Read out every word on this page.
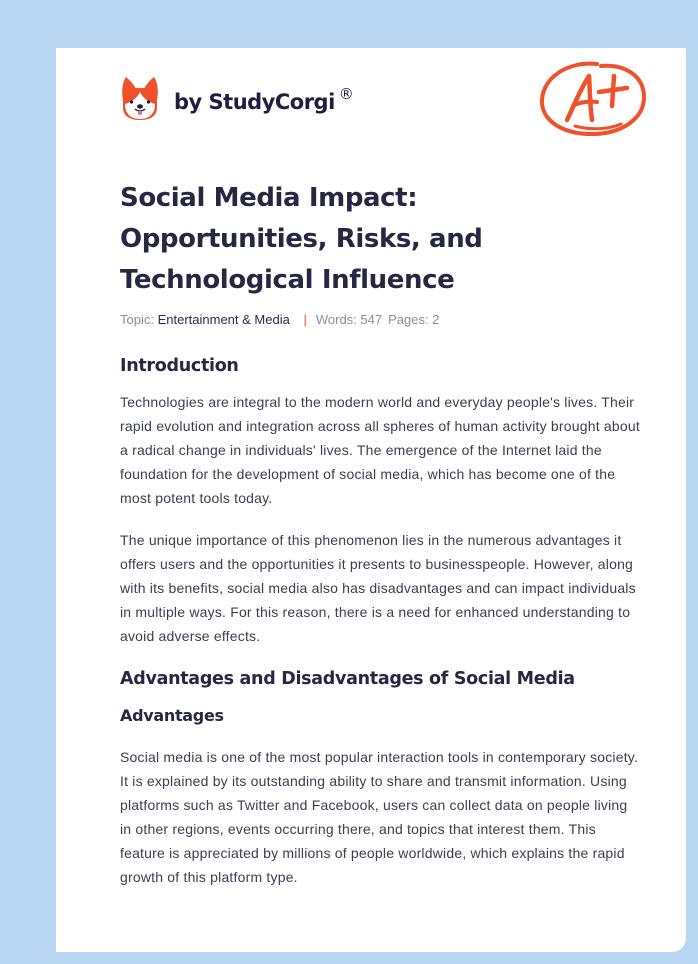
by StudyCorgi ®
Social Media Impact: Opportunities, Risks, and Technological Influence
Topic: Entertainment & Media | Words: 547 Pages: 2
Introduction

Technologies are integral to the modern world and everyday people's lives. Their rapid evolution and integration across all spheres of human activity brought about a radical change in individuals' lives. The emergence of the Internet laid the foundation for the development of social media, which has become one of the most potent tools today.

The unique importance of this phenomenon lies in the numerous advantages it offers users and the opportunities it presents to businesspeople. However, along with its benefits, social media also has disadvantages and can impact individuals in multiple ways. For this reason, there is a need for enhanced understanding to avoid adverse effects.

Advantages and Disadvantages of Social Media
Advantages

Social media is one of the most popular interaction tools in contemporary society. It is explained by its outstanding ability to share and transmit information. Using platforms such as Twitter and Facebook, users can collect data on people living in other regions, events occurring there, and topics that interest them. This feature is appreciated by millions of people worldwide, which explains the rapid growth of this platform type.
